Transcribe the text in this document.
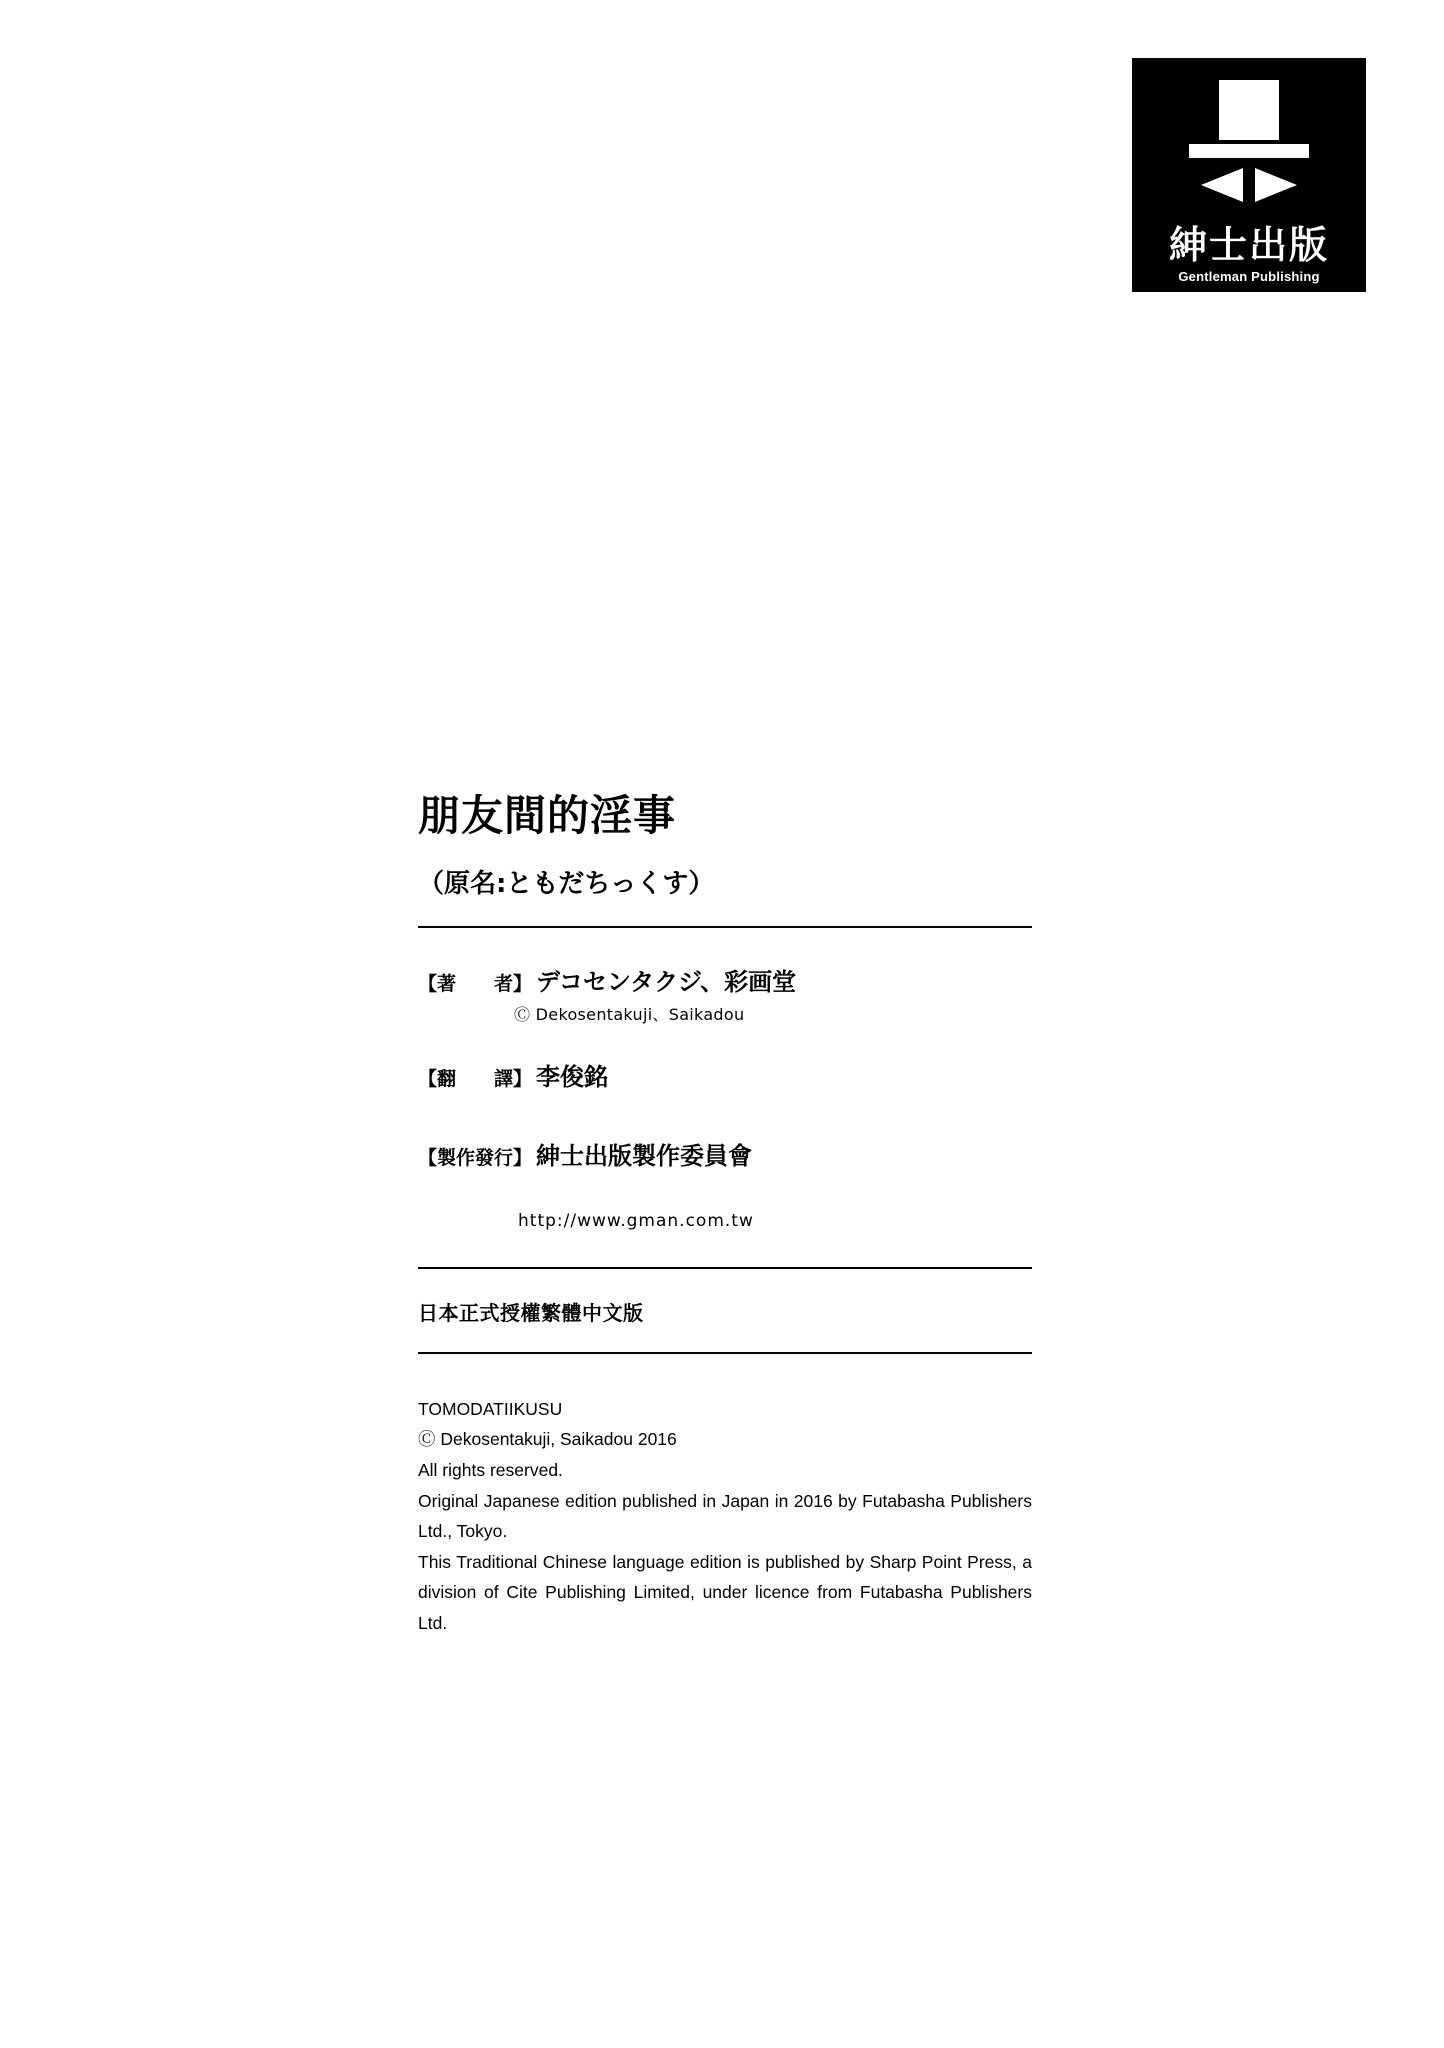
紳士出版
Gentleman Publishing
朋友間的淫事
（原名:ともだちっくす）
【著　　者】 デコセンタクジ、彩画堂
Ⓒ Dekosentakuji、Saikadou
【翻　　譯】 李俊銘
【製作發行】 紳士出版製作委員會
http://www.gman.com.tw
日本正式授權繁體中文版

TOMODATIIKUSU

Ⓒ Dekosentakuji, Saikadou 2016

All rights reserved.

Original Japanese edition published in Japan in 2016 by Futabasha Publishers Ltd., Tokyo.

This Traditional Chinese language edition is published by Sharp Point Press, a division of Cite Publishing Limited, under licence from Futabasha Publishers Ltd.
